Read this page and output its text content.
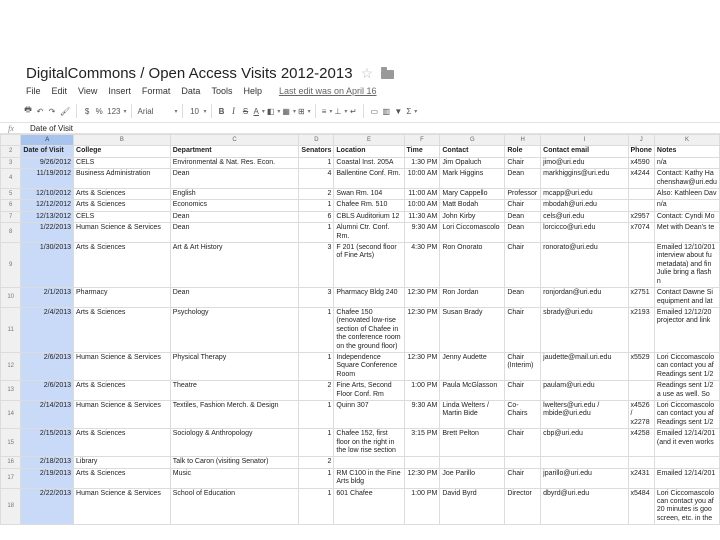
DigitalCommons / Open Access Visits 2012-2013 ☆
File Edit View Insert Format Data Tools Help Last edit was on April 16
🖶 ↶ ↷ 🖌	$ % 123 ▾	Arial ▾	10 ▾	B I S A ▾	◧ ▾	▦ ▾	⊞ ▾	≡ ▾	⊥ ▾	↵	▭ ▥ ▼ Σ ▾
fx	Date of Visit
	A	B	C	D	E	F	G	H	I	J	K
2	Date of Visit	College	Department	Senators	Location	Time	Contact	Role	Contact email	Phone	Notes
3	9/26/2012	CELS	Environmental & Nat. Res. Econ.	1	Coastal Inst. 205A	1:30 PM	Jim Opaluch	Chair	jimo@uri.edu	x4590	n/a
4	11/19/2012	Business Administration	Dean	4	Ballentine Conf. Rm.	10:00 AM	Mark Higgins	Dean	markhiggins@uri.edu	x4244	Contact: Kathy Ha chenshaw@uri.edu
5	12/10/2012	Arts & Sciences	English	2	Swan Rm. 104	11:00 AM	Mary Cappello	Professor	mcapp@uri.edu		Also: Kathleen Dav
6	12/12/2012	Arts & Sciences	Economics	1	Chafee Rm. 510	10:00 AM	Matt Bodah	Chair	mbodah@uri.edu		n/a
7	12/13/2012	CELS	Dean	6	CBLS Auditorium 12	11:30 AM	John Kirby	Dean	cels@uri.edu	x2957	Contact: Cyndi Mo
8	1/22/2013	Human Science & Services	Dean	1	Alumni Ctr. Conf. Rm.	9:30 AM	Lori Ciccomascolo	Dean	lorcicco@uri.edu	x7074	Met with Dean's te
9	1/30/2013	Arts & Sciences	Art & Art History	3	F 201 (second floor of Fine Arts)	4:30 PM	Ron Onorato	Chair	ronorato@uri.edu		Emailed 12/10/201 interview about fu metadata) and fin Julie bring a flash n
10	2/1/2013	Pharmacy	Dean	3	Pharmacy Bldg 240	12:30 PM	Ron Jordan	Dean	ronjordan@uri.edu	x2751	Contact Dawne Si equipment and lat
11	2/4/2013	Arts & Sciences	Psychology	1	Chafee 150 (renovated low-rise section of Chafee in the conference room on the ground floor)	12:30 PM	Susan Brady	Chair	sbrady@uri.edu	x2193	Emailed 12/12/20 projector and link
12	2/6/2013	Human Science & Services	Physical Therapy	1	Independence Square Conference Room	12:30 PM	Jenny Audette	Chair (Interim)	jaudette@mail.uri.edu	x5529	Lori Ciccomascolo can contact you af Readings sent 1/2
13	2/6/2013	Arts & Sciences	Theatre	2	Fine Arts, Second Floor Conf. Rm	1:00 PM	Paula McGlasson	Chair	paulam@uri.edu		Readings sent 1/2 a use as well. So
14	2/14/2013	Human Science & Services	Textiles, Fashion Merch. & Design	1	Quinn 307	9:30 AM	Linda Welters / Martin Bide	Co-Chairs	lwelters@uri.edu / mbide@uri.edu	x4526 / x2278	Lori Ciccomascolo can contact you af Readings sent 1/2
15	2/15/2013	Arts & Sciences	Sociology & Anthropology	1	Chafee 152, first floor on the right in the low rise section	3:15 PM	Brett Pelton	Chair	cbp@uri.edu	x4258	Emailed 12/14/201 (and it even works
16	2/18/2013	Library	Talk to Caron (visiting Senator)	2							
17	2/19/2013	Arts & Sciences	Music	1	RM C100 in the Fine Arts bldg	12:30 PM	Joe Parillo	Chair	jparillo@uri.edu	x2431	Emailed 12/14/201
18	2/22/2013	Human Science & Services	School of Education	1	601 Chafee	1:00 PM	David Byrd	Director	dbyrd@uri.edu	x5484	Lori Ciccomascolo can contact you af 20 minutes is goo screen, etc. in the
